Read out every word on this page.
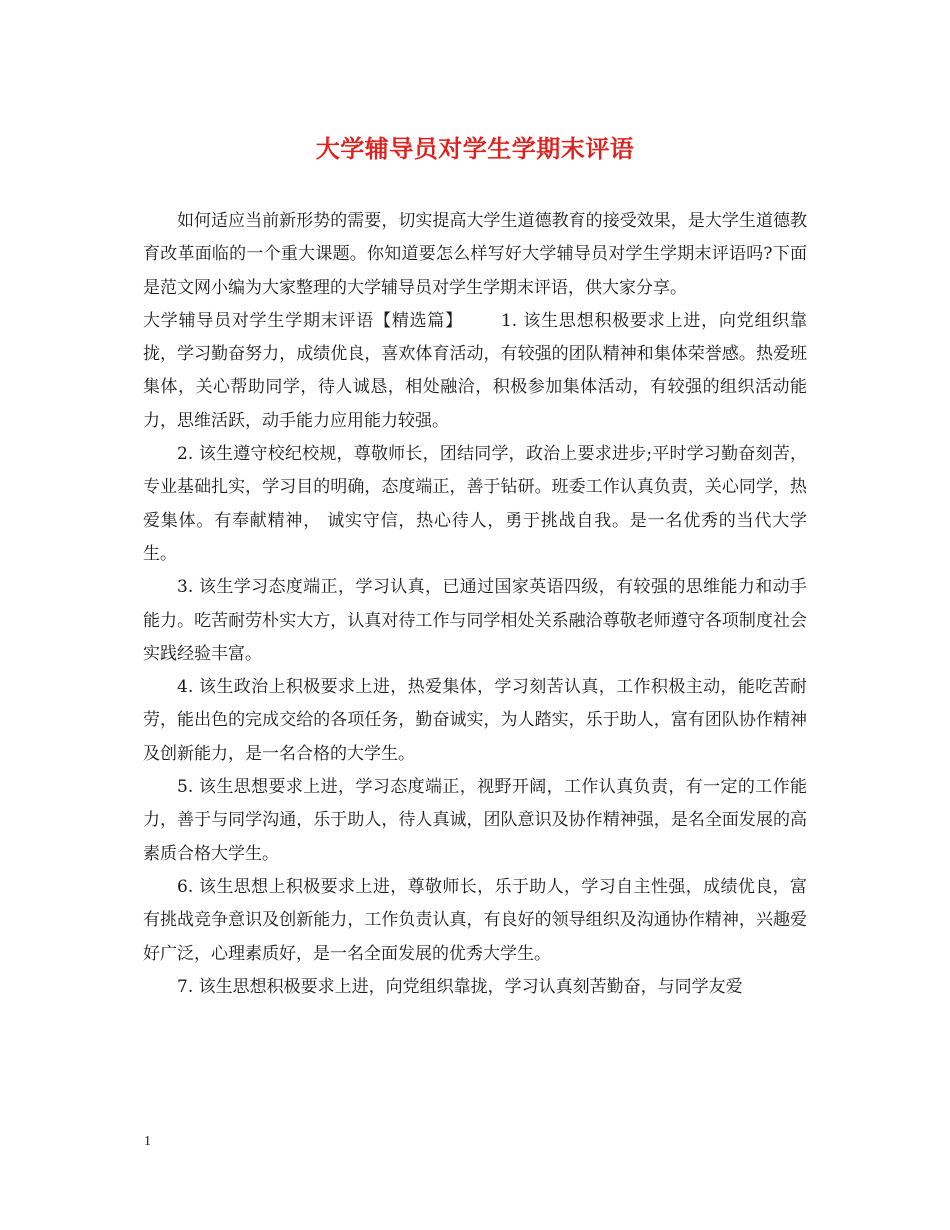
大学辅导员对学生学期末评语

如何适应当前新形势的需要，切实提高大学生道德教育的接受效果，是大学生道德教育改革面临的一个重大课题。你知道要怎么样写好大学辅导员对学生学期末评语吗?下面是范文网小编为大家整理的大学辅导员对学生学期末评语，供大家分享。

大学辅导员对学生学期末评语【精选篇】 1. 该生思想积极要求上进，向党组织靠拢，学习勤奋努力，成绩优良，喜欢体育活动，有较强的团队精神和集体荣誉感。热爱班集体，关心帮助同学，待人诚恳，相处融洽，积极参加集体活动，有较强的组织活动能力，思维活跃，动手能力应用能力较强。

2. 该生遵守校纪校规，尊敬师长，团结同学，政治上要求进步;平时学习勤奋刻苦，专业基础扎实，学习目的明确，态度端正，善于钻研。班委工作认真负责，关心同学，热爱集体。有奉献精神， 诚实守信，热心待人，勇于挑战自我。是一名优秀的当代大学生。

3. 该生学习态度端正，学习认真，已通过国家英语四级，有较强的思维能力和动手能力。吃苦耐劳朴实大方，认真对待工作与同学相处关系融洽尊敬老师遵守各项制度社会实践经验丰富。

4. 该生政治上积极要求上进，热爱集体，学习刻苦认真，工作积极主动，能吃苦耐劳，能出色的完成交给的各项任务，勤奋诚实，为人踏实，乐于助人，富有团队协作精神及创新能力，是一名合格的大学生。

5. 该生思想要求上进，学习态度端正，视野开阔，工作认真负责，有一定的工作能力，善于与同学沟通，乐于助人，待人真诚，团队意识及协作精神强，是名全面发展的高素质合格大学生。

6. 该生思想上积极要求上进，尊敬师长，乐于助人，学习自主性强，成绩优良，富有挑战竞争意识及创新能力，工作负责认真，有良好的领导组织及沟通协作精神，兴趣爱好广泛，心理素质好，是一名全面发展的优秀大学生。

7. 该生思想积极要求上进，向党组织靠拢，学习认真刻苦勤奋，与同学友爱

1
